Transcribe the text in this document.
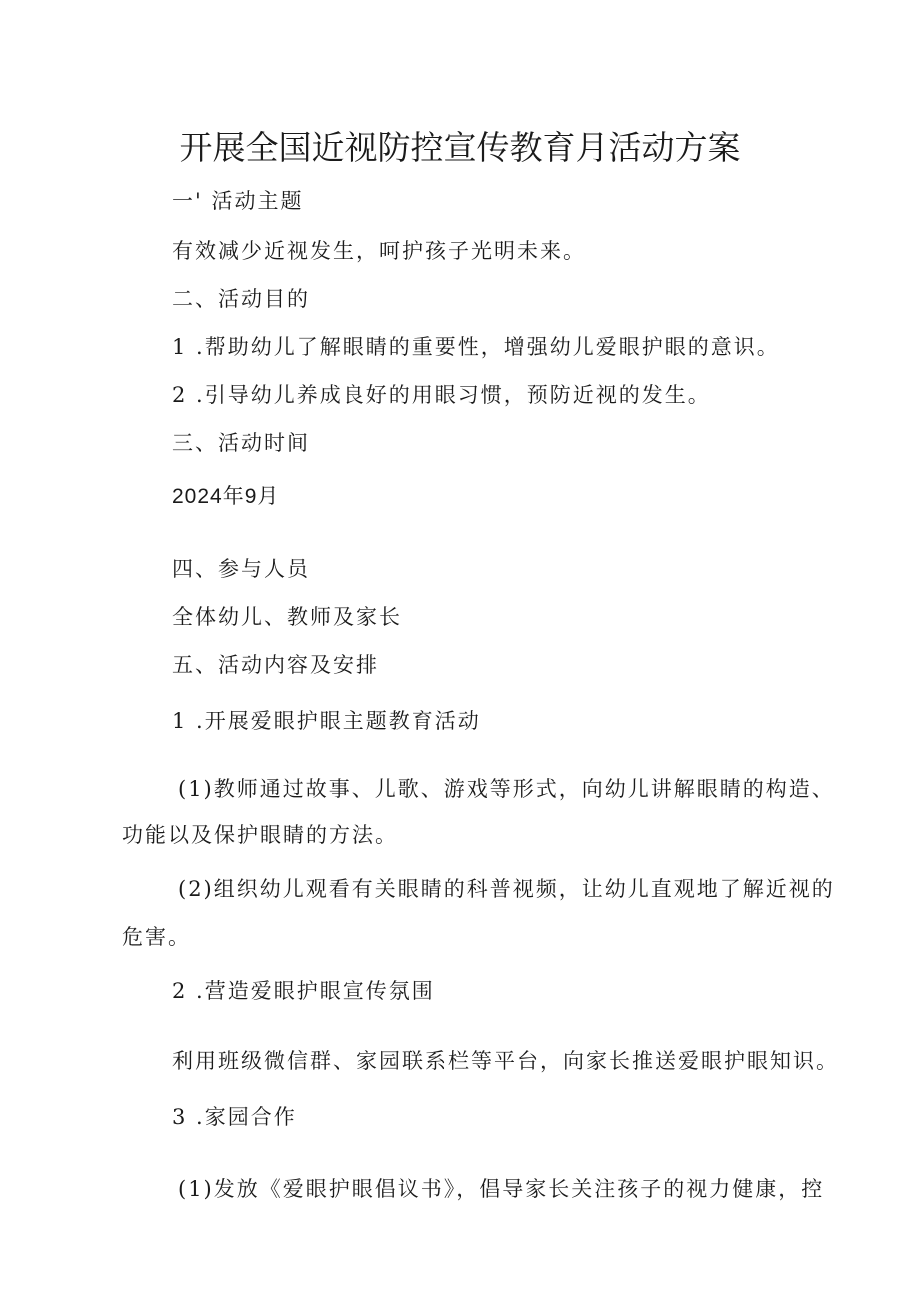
开展全国近视防控宣传教育月活动方案
一' 活动主题
有效减少近视发生，呵护孩子光明未来。
二、活动目的
1 .帮助幼儿了解眼睛的重要性，增强幼儿爱眼护眼的意识。
2 .引导幼儿养成良好的用眼习惯，预防近视的发生。
三、活动时间
2024年9月
四、参与人员
全体幼儿、教师及家长
五、活动内容及安排
1 .开展爱眼护眼主题教育活动
(1)教师通过故事、儿歌、游戏等形式，向幼儿讲解眼睛的构造、
功能以及保护眼睛的方法。
(2)组织幼儿观看有关眼睛的科普视频，让幼儿直观地了解近视的
危害。
2 .营造爱眼护眼宣传氛围
利用班级微信群、家园联系栏等平台，向家长推送爱眼护眼知识。
3 .家园合作
(1)发放《爱眼护眼倡议书》，倡导家长关注孩子的视力健康，控
